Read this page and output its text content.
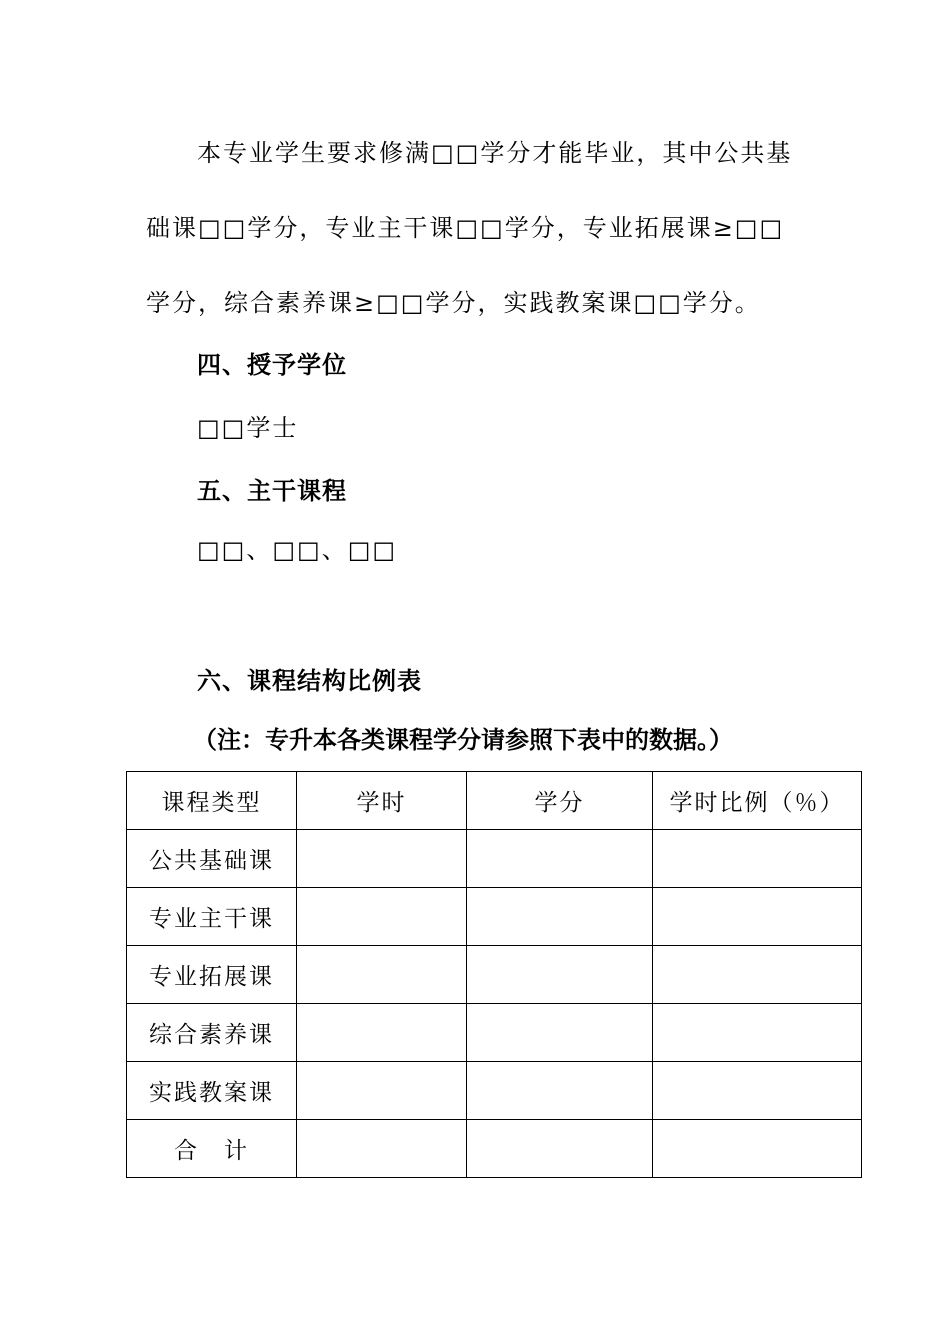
本专业学生要求修满□□学分才能毕业，其中公共基
础课□□学分，专业主干课□□学分，专业拓展课≥□□
学分，综合素养课≥□□学分，实践教案课□□学分。
四、授予学位
□□学士
五、主干课程
□□、□□、□□
六、课程结构比例表
（注：专升本各类课程学分请参照下表中的数据。）
课程类型	学时	学分	学时比例（％）
公共基础课			
专业主干课			
专业拓展课			
综合素养课			
实践教案课			
合　计			
